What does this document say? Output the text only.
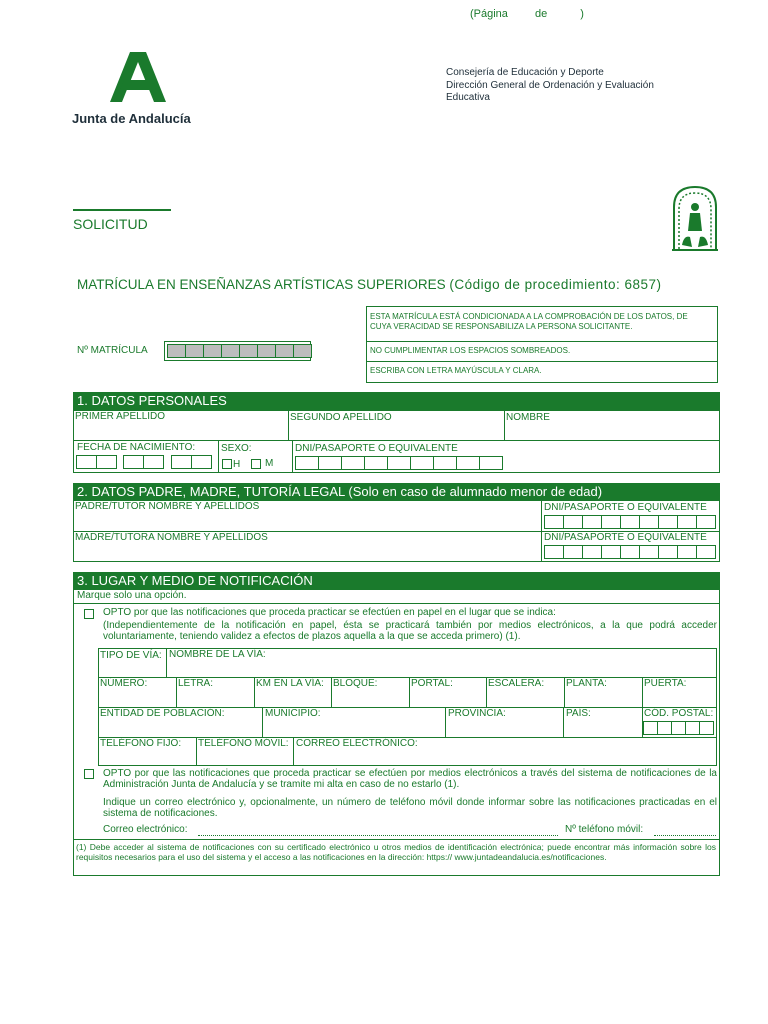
(Página de	)
Junta de Andalucía
Consejería de Educación y Deporte
Dirección General de Ordenación y Evaluación
Educativa
SOLICITUD
MATRÍCULA EN ENSEÑANZAS ARTÍSTICAS SUPERIORES (Código de procedimiento: 6857)
ESTA MATRÍCULA ESTÁ CONDICIONADA A LA COMPROBACIÓN DE LOS DATOS, DE CUYA VERACIDAD SE RESPONSABILIZA LA PERSONA SOLICITANTE.
NO CUMPLIMENTAR LOS ESPACIOS SOMBREADOS.
ESCRIBA CON LETRA MAYÚSCULA Y CLARA.
Nº MATRÍCULA
1. DATOS PERSONALES
PRIMER APELLIDO	SEGUNDO APELLIDO	NOMBRE
FECHA DE NACIMIENTO:	SEXO:
H M
DNI/PASAPORTE O EQUIVALENTE
2. DATOS PADRE, MADRE, TUTORÍA LEGAL (Solo en caso de alumnado menor de edad)
PADRE/TUTOR NOMBRE Y APELLIDOS	DNI/PASAPORTE O EQUIVALENTE
MADRE/TUTORA NOMBRE Y APELLIDOS	DNI/PASAPORTE O EQUIVALENTE
3. LUGAR Y MEDIO DE NOTIFICACIÓN
Marque solo una opción.
OPTO por que las notificaciones que proceda practicar se efectúen en papel en el lugar que se indica:
(Independientemente de la notificación en papel, ésta se practicará también por medios electrónicos, a la que podrá acceder voluntariamente, teniendo validez a efectos de plazos aquella a la que se acceda primero) (1).
TIPO DE VÍA: NOMBRE DE LA VÍA:
NÚMERO:	LETRA:	KM EN LA VÍA: BLOQUE:	PORTAL:	ESCALERA: PLANTA:	PUERTA:
ENTIDAD DE POBLACIÓN:	MUNICIPIO:	PROVINCIA:	PAÍS:	CÓD. POSTAL:
TELÉFONO FIJO: TELÉFONO MÓVIL: CORREO ELECTRÓNICO:
OPTO por que las notificaciones que proceda practicar se efectúen por medios electrónicos a través del sistema de notificaciones de la Administración Junta de Andalucía y se tramite mi alta en caso de no estarlo (1).
Indique un correo electrónico y, opcionalmente, un número de teléfono móvil donde informar sobre las notificaciones practicadas en el sistema de notificaciones.
Correo electrónico:	Nº teléfono móvil:
(1) Debe acceder al sistema de notificaciones con su certificado electrónico u otros medios de identificación electrónica; puede encontrar más información sobre los requisitos necesarios para el uso del sistema y el acceso a las notificaciones en la dirección: https:// www.juntadeandalucia.es/notificaciones.
